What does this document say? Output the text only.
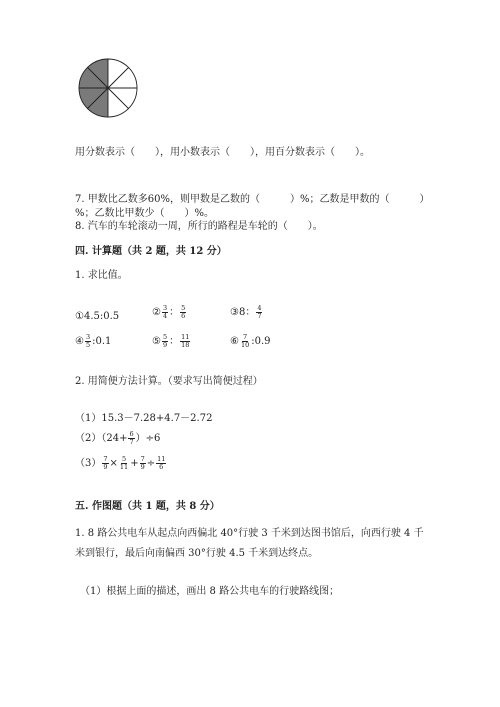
用分数表示（　　），用小数表示（　　），用百分数表示（　　）。
7. 甲数比乙数多60%，则甲数是乙数的（　　　）%；乙数是甲数的（　　　）
%；乙数比甲数少（　　）%。
8. 汽车的车轮滚动一周，所行的路程是车轮的（　　）。
四. 计算题（共 2 题，共 12 分）
1. 求比值。
①4.5:0.5	② $\frac{3}{4}$ ： $\frac{5}{6}$	③8： $\frac{4}{7}$
④ $\frac{3}{5}$ :0.1	⑤ $\frac{5}{9}$ ： $\frac{11}{18}$	⑥ $\frac{7}{10}$ :0.9
2. 用简便方法计算。（要求写出简便过程）
（1）15.3－7.28+4.7－2.72
$(2)(24+ \frac{6}{7} )\div 6$
$(3) \frac{7}{9} \times \frac{5}{11} + \frac{7}{9} \div \frac{11}{6}$
五. 作图题（共 1 题，共 8 分）
1. 8 路公共电车从起点向西偏北 40°行驶 3 千米到达图书馆后，向西行驶 4 千
米到银行，最后向南偏西 30°行驶 4.5 千米到达终点。
（1）根据上面的描述，画出 8 路公共电车的行驶路线图；
